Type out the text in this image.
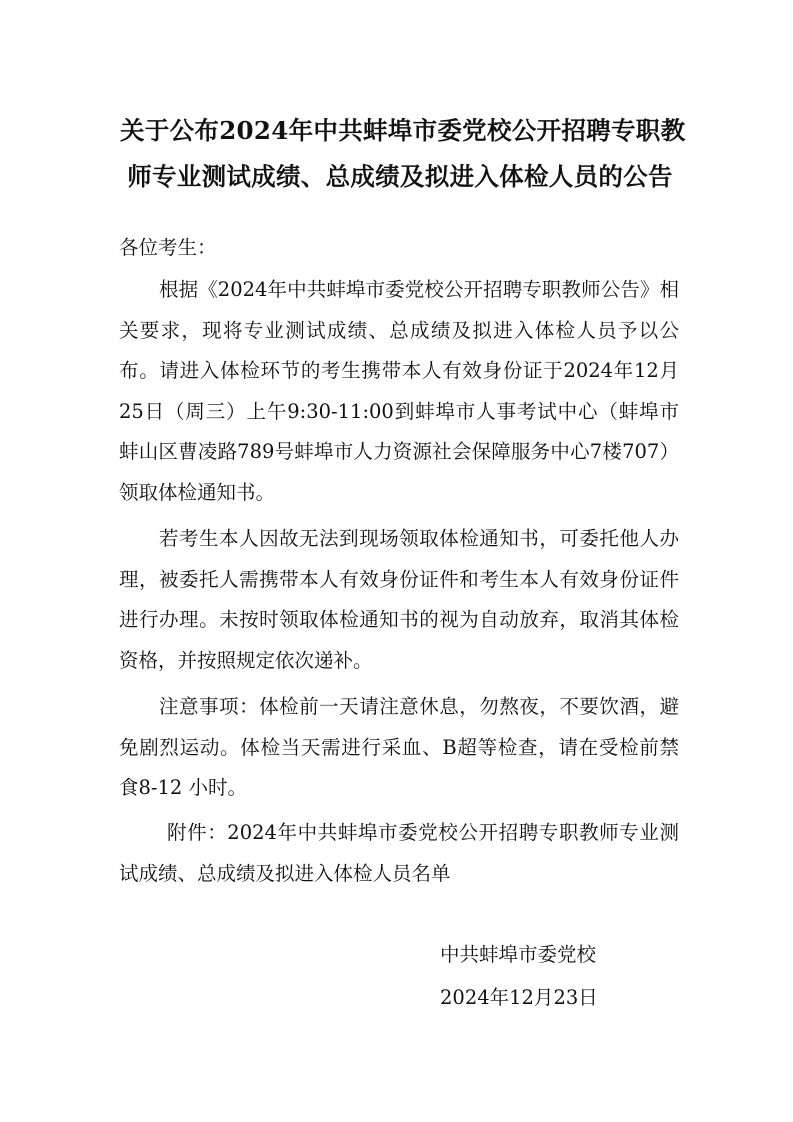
关于公布2024年中共蚌埠市委党校公开招聘专职教
师专业测试成绩、总成绩及拟进入体检人员的公告

各位考生：

根据《2024年中共蚌埠市委党校公开招聘专职教师公告》相关要求，现将专业测试成绩、总成绩及拟进入体检人员予以公布。请进入体检环节的考生携带本人有效身份证于2024年12月25日（周三）上午9:30-11:00到蚌埠市人事考试中心（蚌埠市蚌山区曹凌路789号蚌埠市人力资源社会保障服务中心7楼707）领取体检通知书。

若考生本人因故无法到现场领取体检通知书，可委托他人办理，被委托人需携带本人有效身份证件和考生本人有效身份证件进行办理。未按时领取体检通知书的视为自动放弃，取消其体检资格，并按照规定依次递补。

注意事项：体检前一天请注意休息，勿熬夜，不要饮酒，避免剧烈运动。体检当天需进行采血、B超等检查，请在受检前禁食8-12 小时。

附件：2024年中共蚌埠市委党校公开招聘专职教师专业测试成绩、总成绩及拟进入体检人员名单

中共蚌埠市委党校

2024年12月23日
